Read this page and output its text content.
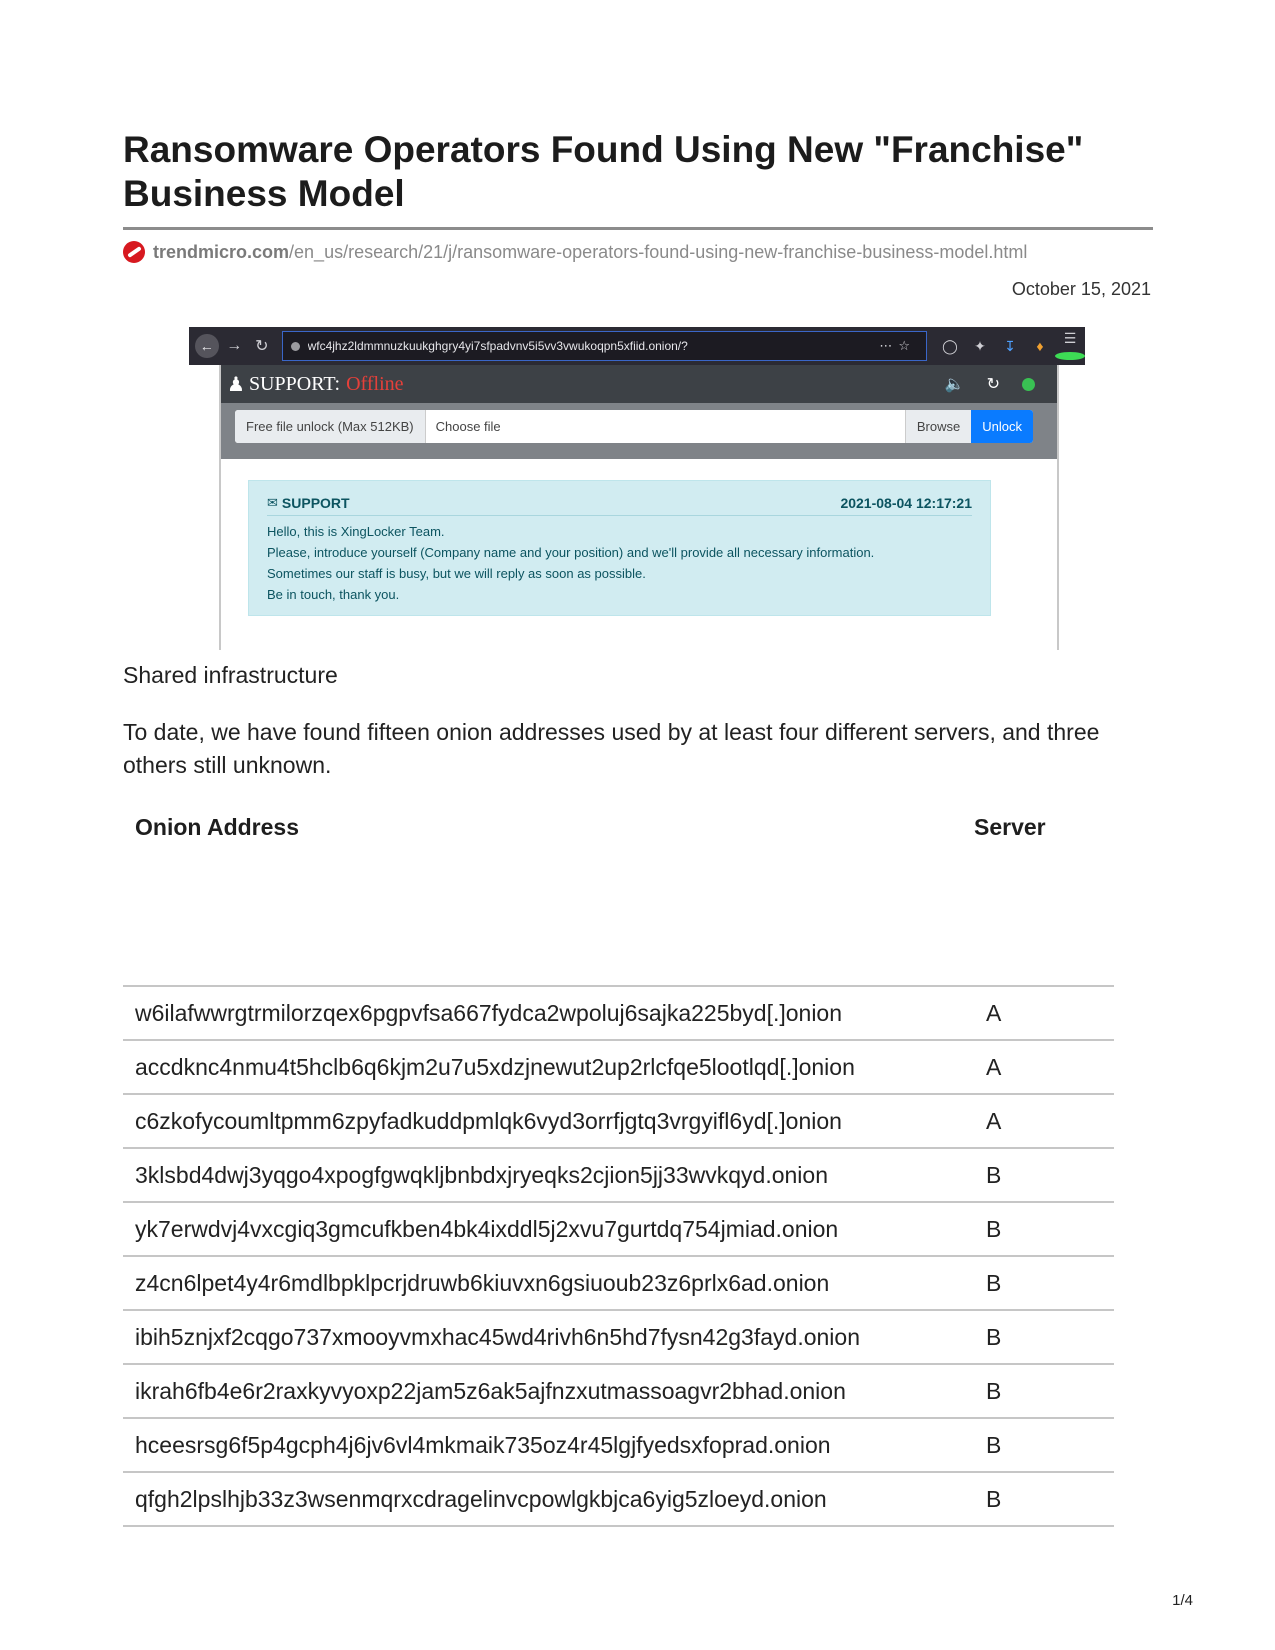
Ransomware Operators Found Using New "Franchise" Business Model
trendmicro.com /en_us/research/21/j/ransomware-operators-found-using-new-franchise-business-model.html
October 15, 2021
← → ↻	wfc4jhz2ldmmnuzkuukghgry4yi7sfpadvnv5i5vv3vwukoqpn5xfiid.onion/?	⋯☆	◯	✦	↧	♦
☰
♟ SUPPORT: Offline	🔈 ↻
Free file unlock (Max 512KB)	Choose file	Browse	Unlock
✉ SUPPORT	2021-08-04 12:17:21
Hello, this is XingLocker Team.
Please, introduce yourself (Company name and your position) and we'll provide all necessary information.
Sometimes our staff is busy, but we will reply as soon as possible.
Be in touch, thank you.

Shared infrastructure

To date, we have found fifteen onion addresses used by at least four different servers, and three others still unknown.

Onion Address	Server
w6ilafwwrgtrmilorzqex6pgpvfsa667fydca2wpoluj6sajka225byd[.]onion	A
accdknc4nmu4t5hclb6q6kjm2u7u5xdzjnewut2up2rlcfqe5lootlqd[.]onion	A
c6zkofycoumltpmm6zpyfadkuddpmlqk6vyd3orrfjgtq3vrgyifl6yd[.]onion	A
3klsbd4dwj3yqgo4xpogfgwqkljbnbdxjryeqks2cjion5jj33wvkqyd.onion	B
yk7erwdvj4vxcgiq3gmcufkben4bk4ixddl5j2xvu7gurtdq754jmiad.onion	B
z4cn6lpet4y4r6mdlbpklpcrjdruwb6kiuvxn6gsiuoub23z6prlx6ad.onion	B
ibih5znjxf2cqgo737xmooyvmxhac45wd4rivh6n5hd7fysn42g3fayd.onion	B
ikrah6fb4e6r2raxkyvyoxp22jam5z6ak5ajfnzxutmassoagvr2bhad.onion	B
hceesrsg6f5p4gcph4j6jv6vl4mkmaik735oz4r45lgjfyedsxfoprad.onion	B
qfgh2lpslhjb33z3wsenmqrxcdragelinvcpowlgkbjca6yig5zloeyd.onion	B
1/4
